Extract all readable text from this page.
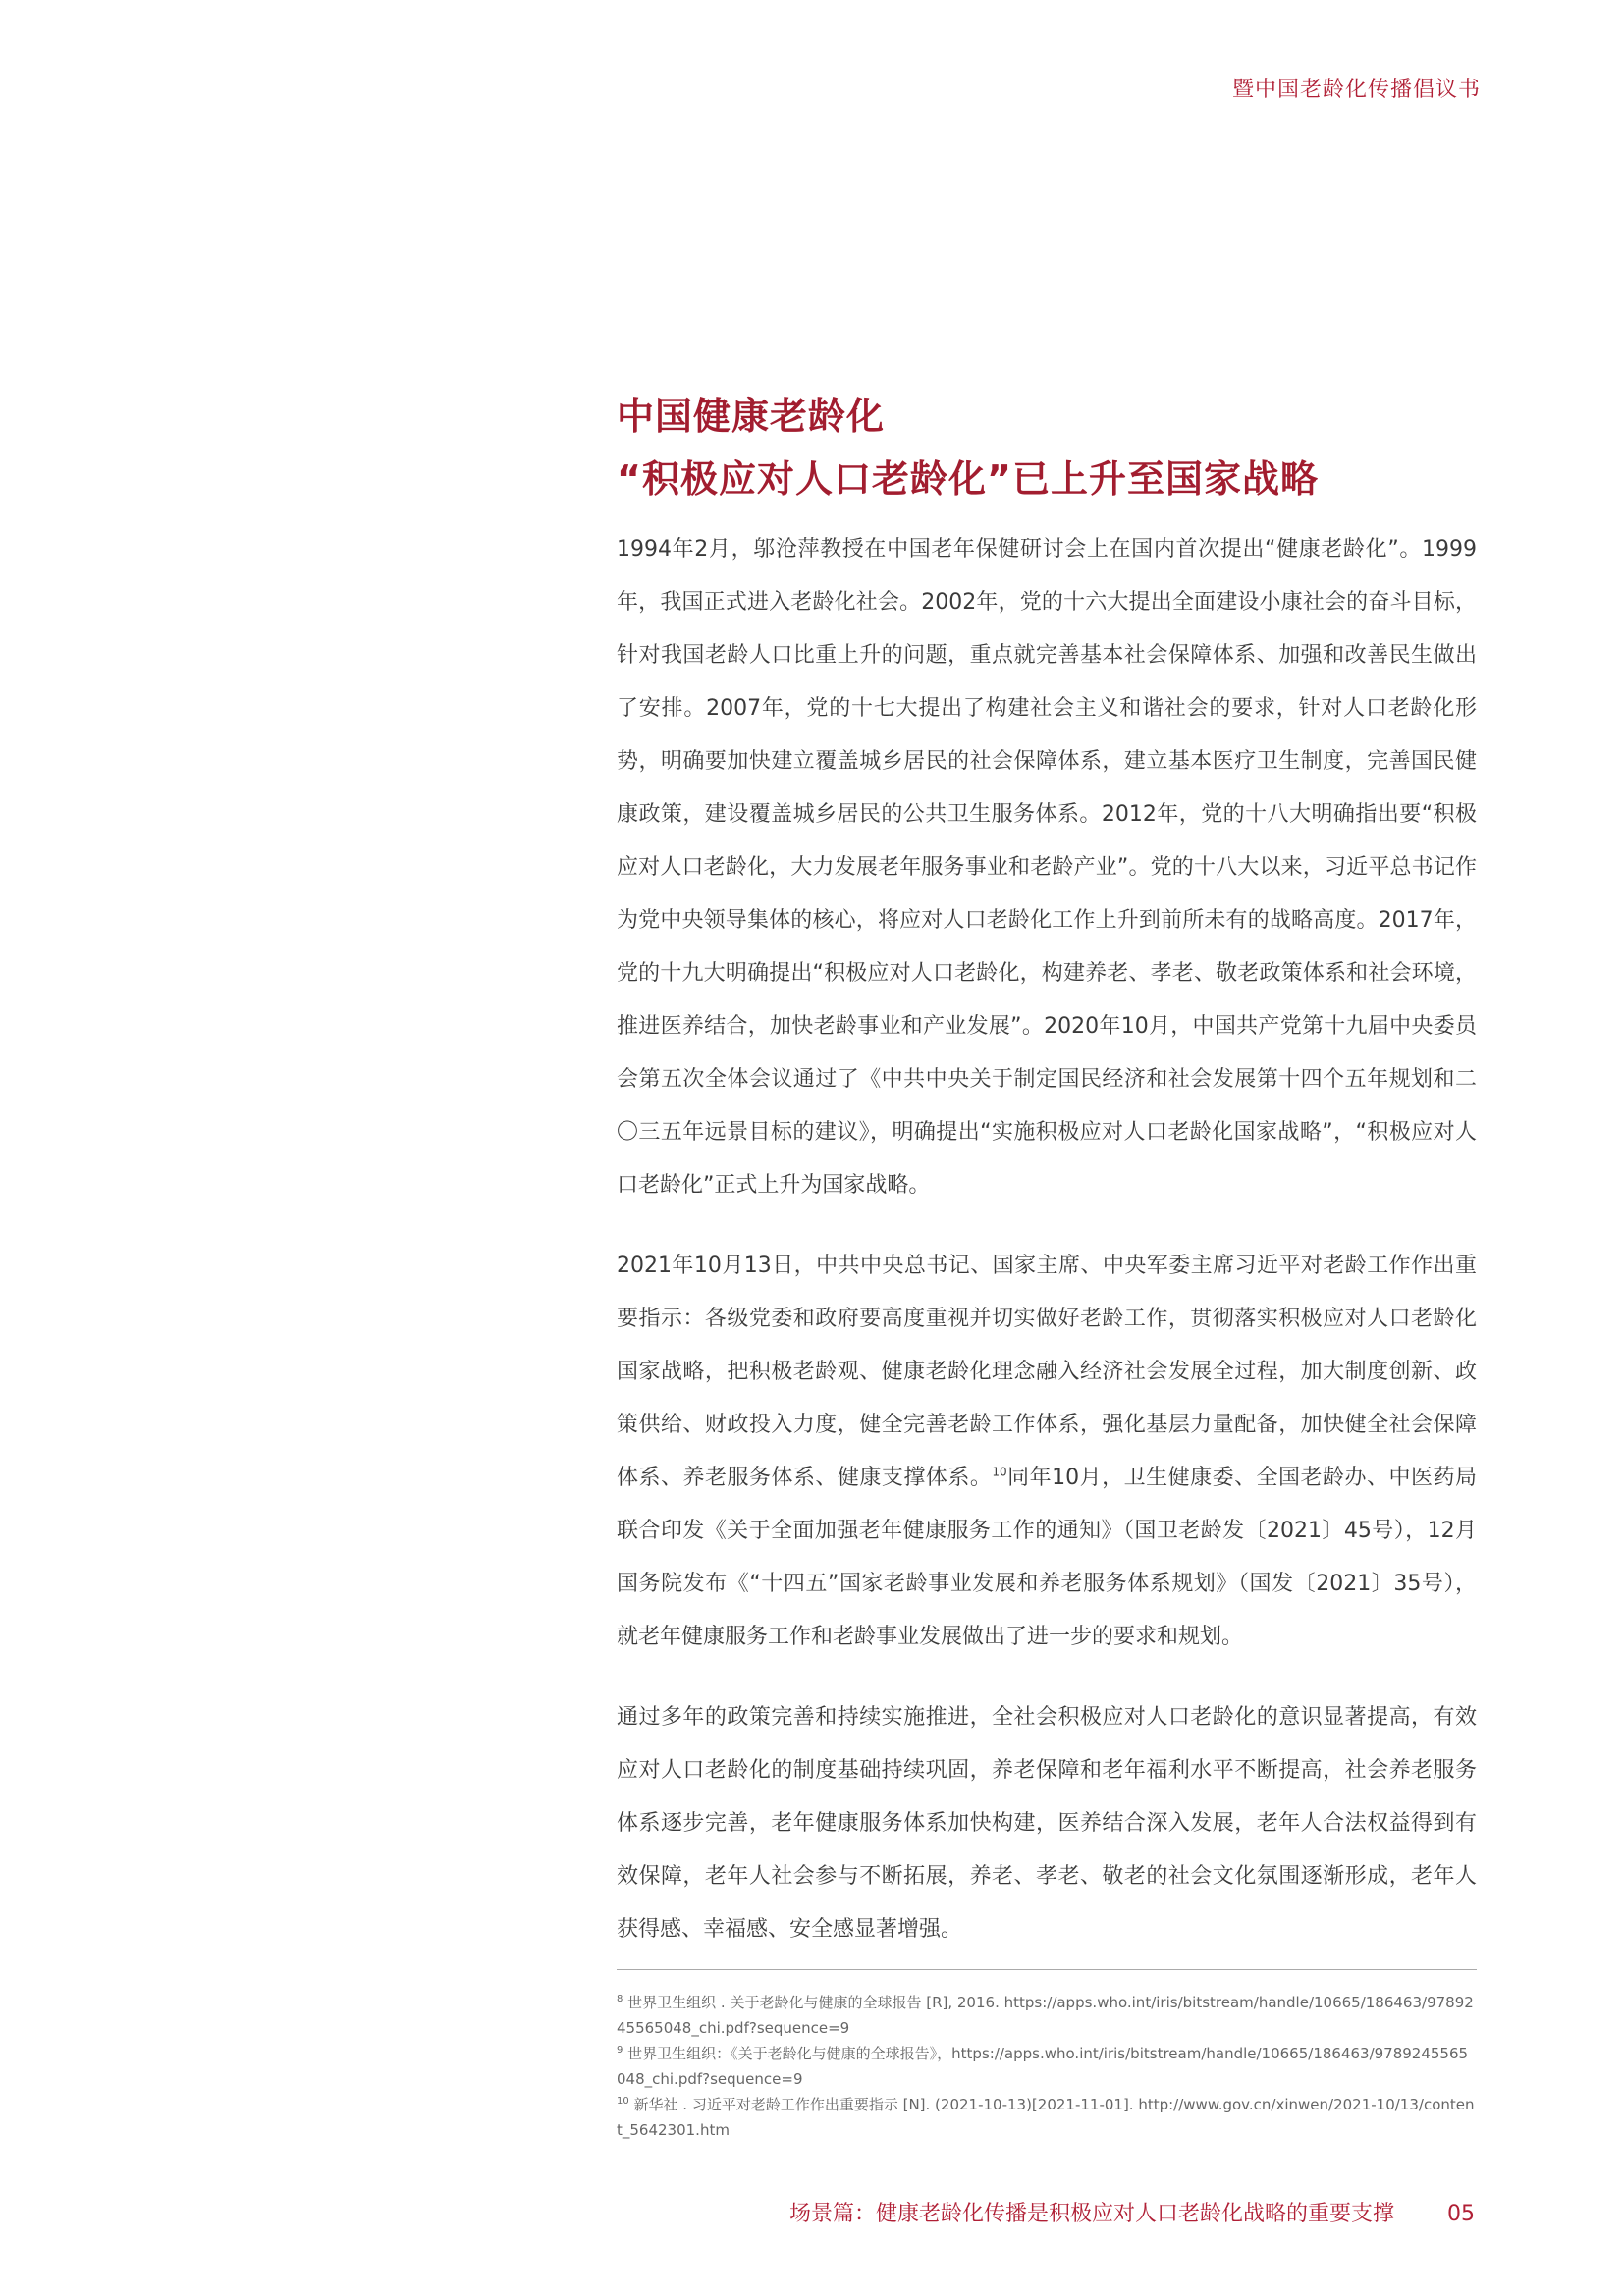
暨中国老龄化传播倡议书
中国健康老龄化
“积极应对人口老龄化”已上升至国家战略

1994年2月，邬沧萍教授在中国老年保健研讨会上在国内首次提出“健康老龄化”。1999年，我国正式进入老龄化社会。2002年，党的十六大提出全面建设小康社会的奋斗目标，针对我国老龄人口比重上升的问题，重点就完善基本社会保障体系、加强和改善民生做出了安排。2007年，党的十七大提出了构建社会主义和谐社会的要求，针对人口老龄化形势，明确要加快建立覆盖城乡居民的社会保障体系，建立基本医疗卫生制度，完善国民健康政策，建设覆盖城乡居民的公共卫生服务体系。2012年，党的十八大明确指出要“积极应对人口老龄化，大力发展老年服务事业和老龄产业”。党的十八大以来，习近平总书记作为党中央领导集体的核心，将应对人口老龄化工作上升到前所未有的战略高度。2017年，党的十九大明确提出“积极应对人口老龄化，构建养老、孝老、敬老政策体系和社会环境，推进医养结合，加快老龄事业和产业发展”。2020年10月，中国共产党第十九届中央委员会第五次全体会议通过了《中共中央关于制定国民经济和社会发展第十四个五年规划和二〇三五年远景目标的建议》，明确提出“实施积极应对人口老龄化国家战略”，“积极应对人口老龄化”正式上升为国家战略。

2021年10月13日，中共中央总书记、国家主席、中央军委主席习近平对老龄工作作出重要指示：各级党委和政府要高度重视并切实做好老龄工作，贯彻落实积极应对人口老龄化国家战略，把积极老龄观、健康老龄化理念融入经济社会发展全过程，加大制度创新、政策供给、财政投入力度，健全完善老龄工作体系，强化基层力量配备，加快健全社会保障体系、养老服务体系、健康支撑体系。$^{10}$同年10月，卫生健康委、全国老龄办、中医药局联合印发《关于全面加强老年健康服务工作的通知》（国卫老龄发〔2021〕45号），12月国务院发布《“十四五”国家老龄事业发展和养老服务体系规划》（国发〔2021〕35号），就老年健康服务工作和老龄事业发展做出了进一步的要求和规划。

通过多年的政策完善和持续实施推进，全社会积极应对人口老龄化的意识显著提高，有效应对人口老龄化的制度基础持续巩固，养老保障和老年福利水平不断提高，社会养老服务体系逐步完善，老年健康服务体系加快构建，医养结合深入发展，老年人合法权益得到有效保障，老年人社会参与不断拓展，养老、孝老、敬老的社会文化氛围逐渐形成，老年人获得感、幸福感、安全感显著增强。

$^8$ 世界卫生组织 . 关于老龄化与健康的全球报告 [R], 2016. https://apps.who.int/iris/bitstream/handle/10665/186463/9789245565048_chi.pdf?sequence=9

$^9$ 世界卫生组织：《关于老龄化与健康的全球报告》，https://apps.who.int/iris/bitstream/handle/10665/186463/9789245565048_chi.pdf?sequence=9

$^{10}$ 新华社 . 习近平对老龄工作作出重要指示 [N]. (2021-10-13)[2021-11-01]. http://www.gov.cn/xinwen/2021-10/13/content_5642301.htm

场景篇：健康老龄化传播是积极应对人口老龄化战略的重要支撑 05
